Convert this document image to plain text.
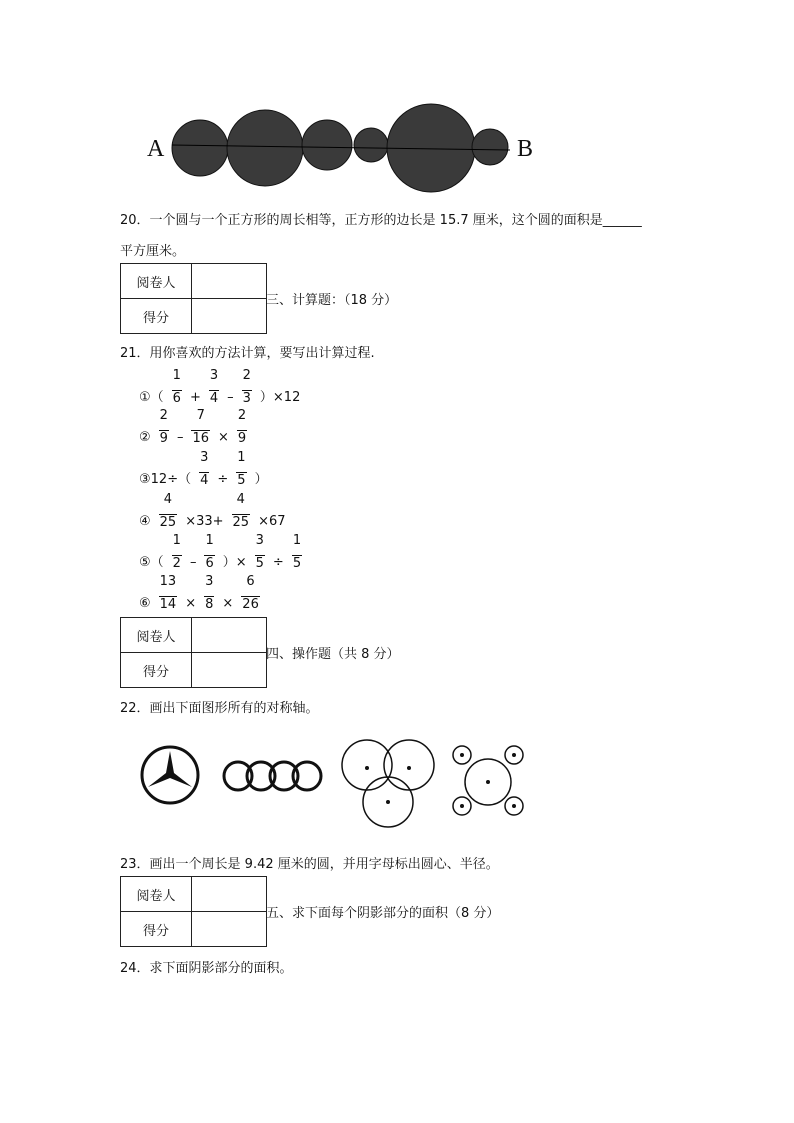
A	B
20．一个圆与一个正方形的周长相等，正方形的边长是 15.7 厘米，这个圆的面积是______
平方厘米。
阅卷人	
得分	
三、计算题：（18 分）
21．用你喜欢的方法计算，要写出计算过程.
①（ $\frac{1}{6} + \frac{3}{4} - \frac{2}{3} )\times 12$
② $\frac{2}{9} - \frac{7}{16} \times \frac{2}{9}$
③12÷（ $\frac{3}{4} \div \frac{1}{5}$ ）
④ $\frac{4}{25} \times 33+ \frac{4}{25} \times 67$
⑤（ $\frac{1}{2} - \frac{1}{6}$ ）× $\frac{3}{5} \div \frac{1}{5}$
⑥ $\frac{13}{14} \times \frac{3}{8} \times \frac{6}{26}$
阅卷人	
得分	
四、操作题（共 8 分）
22．画出下面图形所有的对称轴。
23．画出一个周长是 9.42 厘米的圆，并用字母标出圆心、半径。
阅卷人	
得分	
五、求下面每个阴影部分的面积（8 分）
24．求下面阴影部分的面积。
